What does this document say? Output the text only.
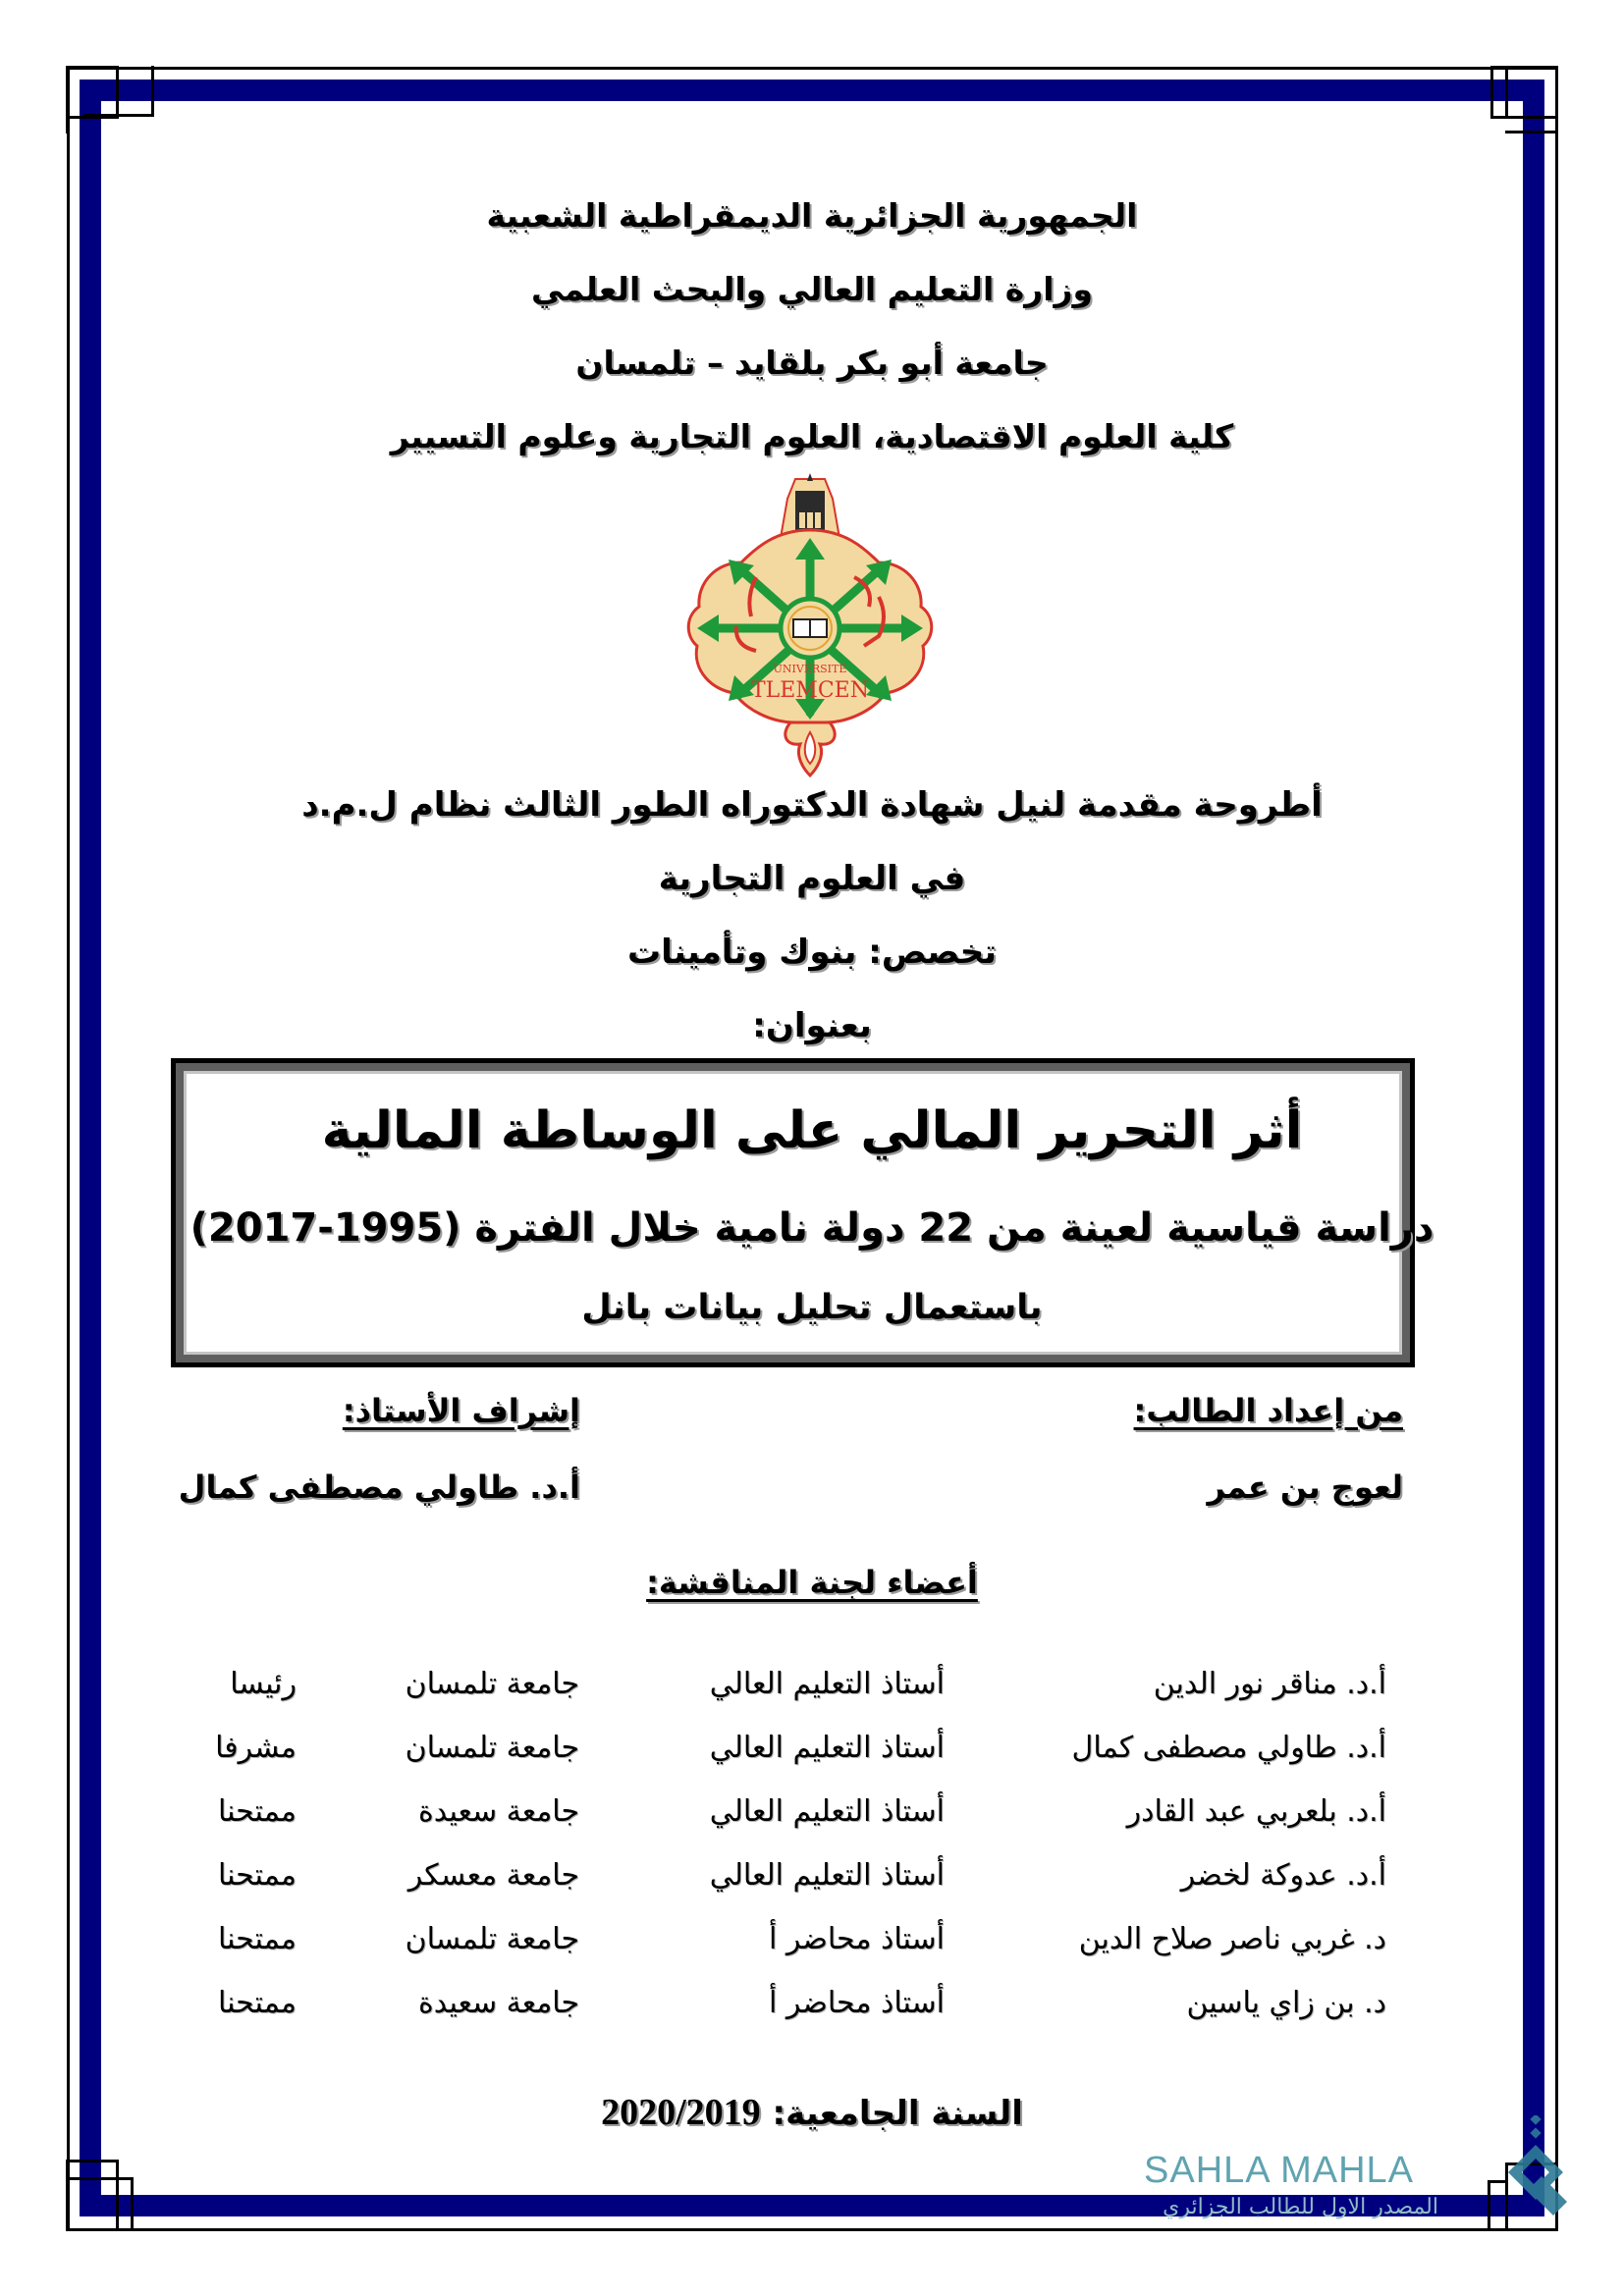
الجمهورية الجزائرية الديمقراطية الشعبية
وزارة التعليم العالي والبحث العلمي
جامعة أبو بكر بلقايد – تلمسان
كلية العلوم الاقتصادية، العلوم التجارية وعلوم التسيير
UNIVERSITE
TLEMCEN
أطروحة مقدمة لنيل شهادة الدكتوراه الطور الثالث نظام ل.م.د
في العلوم التجارية
تخصص: بنوك وتأمينات
بعنوان:
أثر التحرير المالي على الوساطة المالية
دراسة قياسية لعينة من 22 دولة نامية خلال الفترة (1995-2017)
باستعمال تحليل بيانات بانل
من إعداد الطالب:
إشراف الأستاذ:
لعوج بن عمر
أ.د. طاولي مصطفى كمال
أعضاء لجنة المناقشة:
أ.د. مناقر نور الدين
أستاذ التعليم العالي
جامعة تلمسان
رئيسا
أ.د. طاولي مصطفى كمال
أستاذ التعليم العالي
جامعة تلمسان
مشرفا
أ.د. بلعربي عبد القادر
أستاذ التعليم العالي
جامعة سعيدة
ممتحنا
أ.د. عدوكة لخضر
أستاذ التعليم العالي
جامعة معسكر
ممتحنا
د. غربي ناصر صلاح الدين
أستاذ محاضر أ
جامعة تلمسان
ممتحنا
د. بن زاي ياسين
أستاذ محاضر أ
جامعة سعيدة
ممتحنا
السنة الجامعية: 2020/2019
SAHLA MAHLA
المصدر الاول للطالب الجزائري
